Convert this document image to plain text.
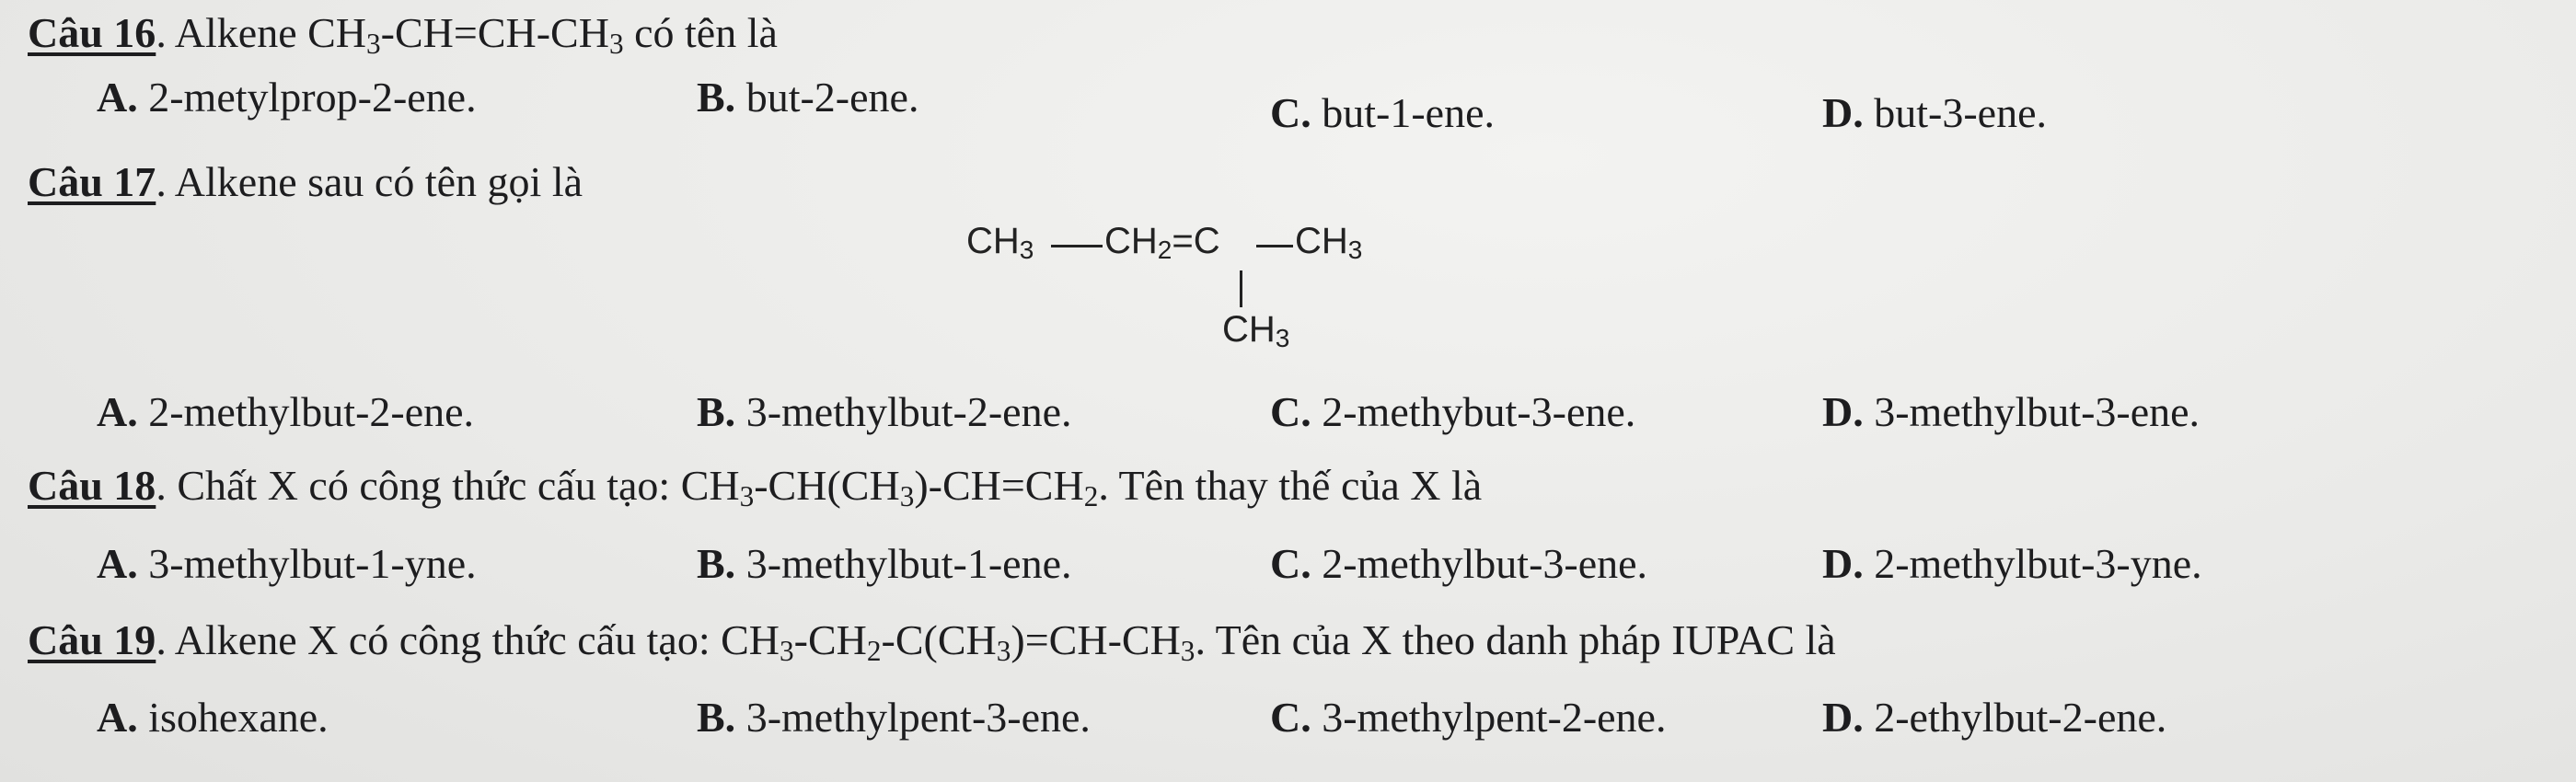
Câu 16. Alkene $CH_3-CH=CH-CH_3$ có tên là
A. 2-metylprop-2-ene.	B. but-2-ene.	C. but-1-ene.	D. but-3-ene.
Câu 17. Alkene sau có tên gọi là
$CH_3$ $CH_2=C$ $CH_3$
$CH_3$
A. 2-methylbut-2-ene.	B. 3-methylbut-2-ene.	C. 2-methybut-3-ene.	D. 3-methylbut-3-ene.
Câu 18. Chất X có công thức cấu tạo: $CH_3-CH(CH_3)-CH=CH_2$. Tên thay thế của X là
A. 3-methylbut-1-yne.	B. 3-methylbut-1-ene.	C. 2-methylbut-3-ene.	D. 2-methylbut-3-yne.
Câu 19. Alkene X có công thức cấu tạo: $CH_3-CH_2-C(CH_3)=CH-CH_3$. Tên của X theo danh pháp IUPAC là
A. isohexane.	B. 3-methylpent-3-ene.	C. 3-methylpent-2-ene.	D. 2-ethylbut-2-ene.
